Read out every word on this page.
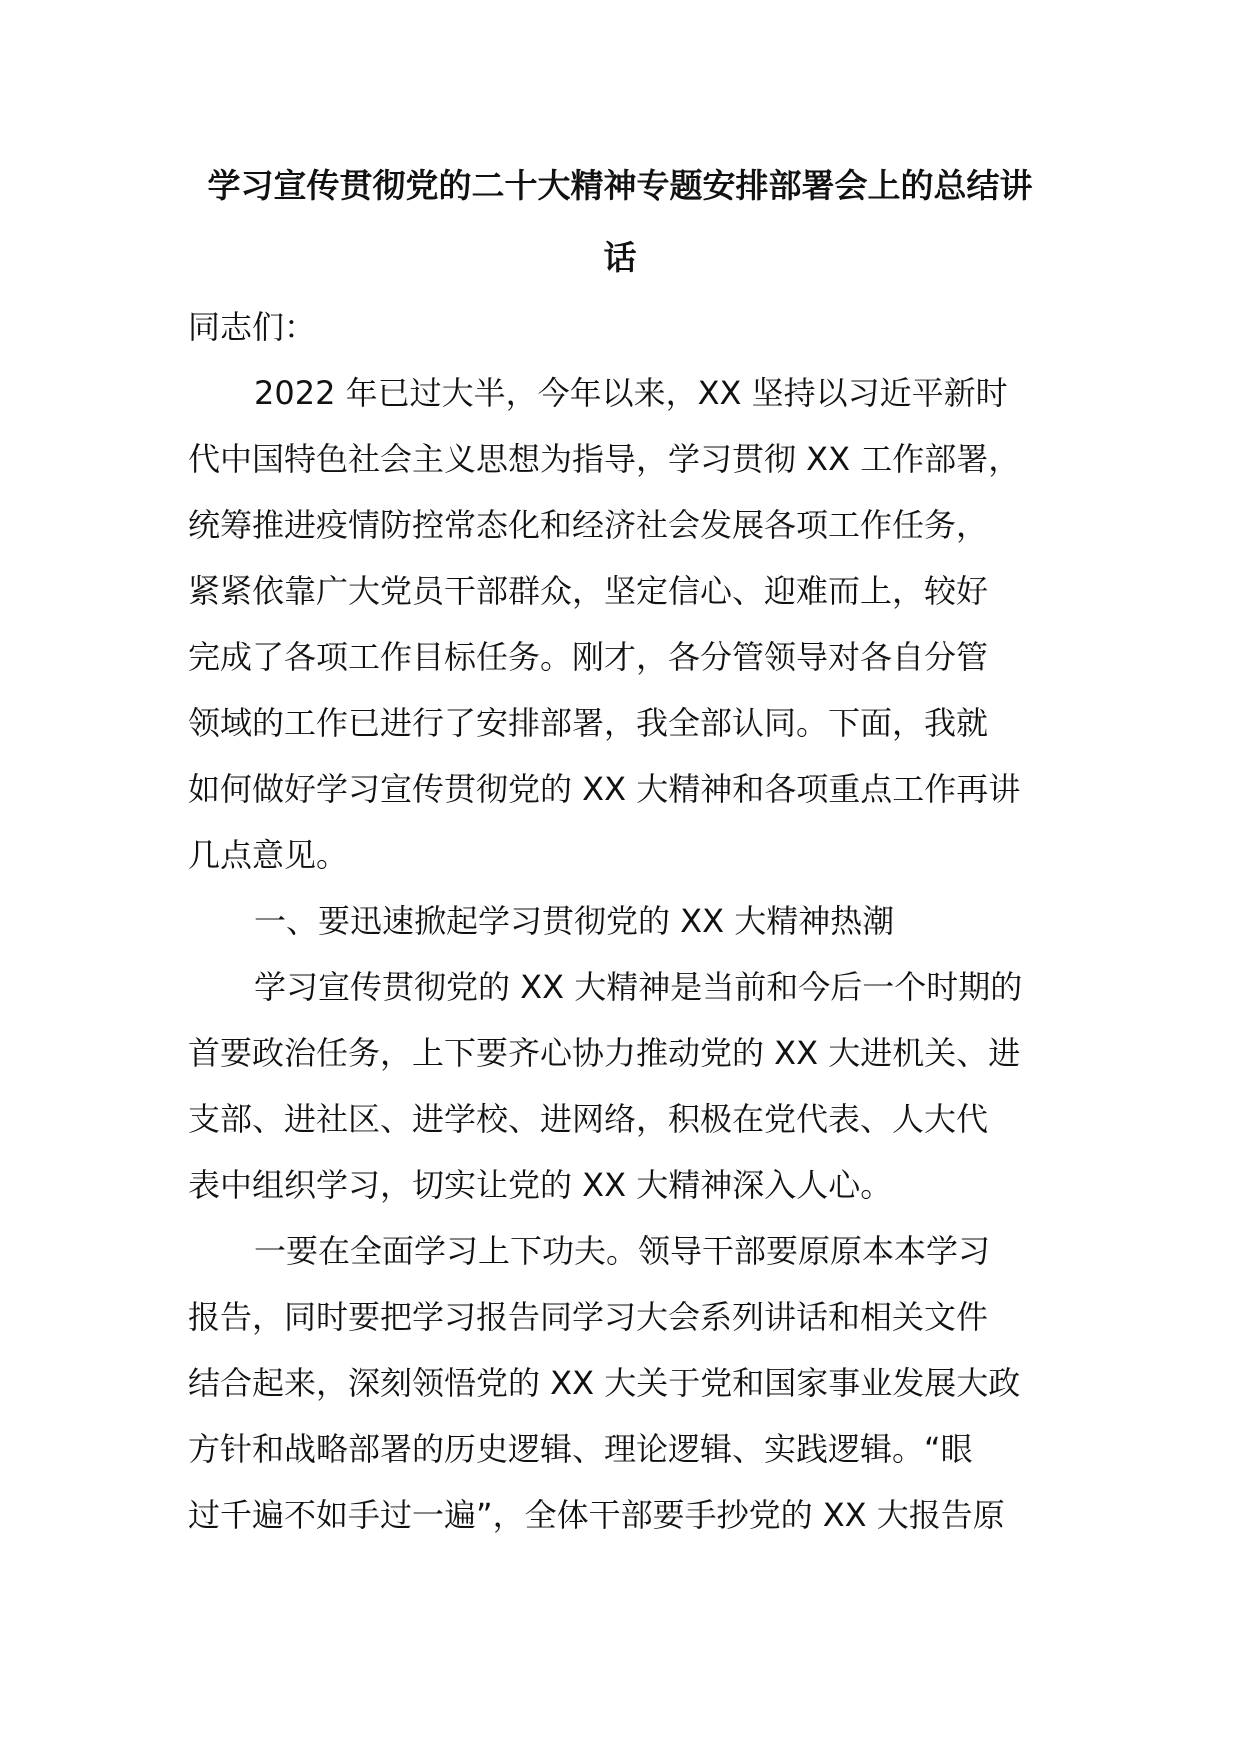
学习宣传贯彻党的二十大精神专题安排部署会上的总结讲
话

同志们：

2022 年已过大半，今年以来，XX 坚持以习近平新时
代中国特色社会主义思想为指导，学习贯彻 XX 工作部署，
统筹推进疫情防控常态化和经济社会发展各项工作任务，
紧紧依靠广大党员干部群众，坚定信心、迎难而上，较好
完成了各项工作目标任务。刚才，各分管领导对各自分管
领域的工作已进行了安排部署，我全部认同。下面，我就
如何做好学习宣传贯彻党的 XX 大精神和各项重点工作再讲
几点意见。

一、要迅速掀起学习贯彻党的 XX 大精神热潮

学习宣传贯彻党的 XX 大精神是当前和今后一个时期的
首要政治任务，上下要齐心协力推动党的 XX 大进机关、进
支部、进社区、进学校、进网络，积极在党代表、人大代
表中组织学习，切实让党的 XX 大精神深入人心。

一要在全面学习上下功夫。领导干部要原原本本学习
报告，同时要把学习报告同学习大会系列讲话和相关文件
结合起来，深刻领悟党的 XX 大关于党和国家事业发展大政
方针和战略部署的历史逻辑、理论逻辑、实践逻辑。“眼
过千遍不如手过一遍”，全体干部要手抄党的 XX 大报告原
